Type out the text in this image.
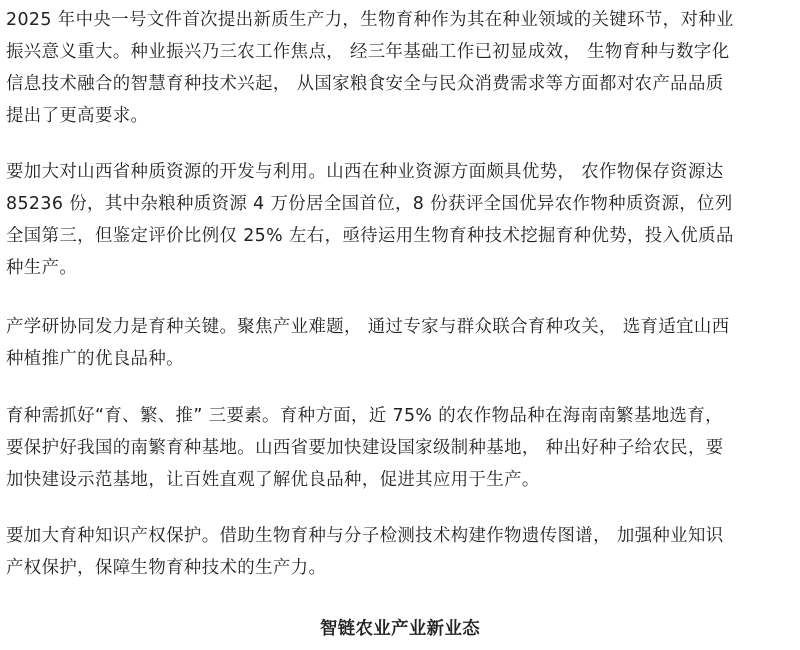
2025 年中央一号文件首次提出新质生产力，生物育种作为其在种业领域的关键环节，对种业
振兴意义重大。种业振兴乃三农工作焦点， 经三年基础工作已初显成效， 生物育种与数字化
信息技术融合的智慧育种技术兴起， 从国家粮食安全与民众消费需求等方面都对农产品品质
提出了更高要求。

要加大对山西省种质资源的开发与利用。山西在种业资源方面颇具优势， 农作物保存资源达
85236 份，其中杂粮种质资源 4 万份居全国首位，8 份获评全国优异农作物种质资源，位列
全国第三，但鉴定评价比例仅 25% 左右，亟待运用生物育种技术挖掘育种优势，投入优质品
种生产。

产学研协同发力是育种关键。聚焦产业难题， 通过专家与群众联合育种攻关， 选育适宜山西
种植推广的优良品种。

育种需抓好“育、繁、推” 三要素。育种方面，近 75% 的农作物品种在海南南繁基地选育，
要保护好我国的南繁育种基地。山西省要加快建设国家级制种基地， 种出好种子给农民，要
加快建设示范基地，让百姓直观了解优良品种，促进其应用于生产。

要加大育种知识产权保护。借助生物育种与分子检测技术构建作物遗传图谱， 加强种业知识
产权保护，保障生物育种技术的生产力。

智链农业产业新业态
